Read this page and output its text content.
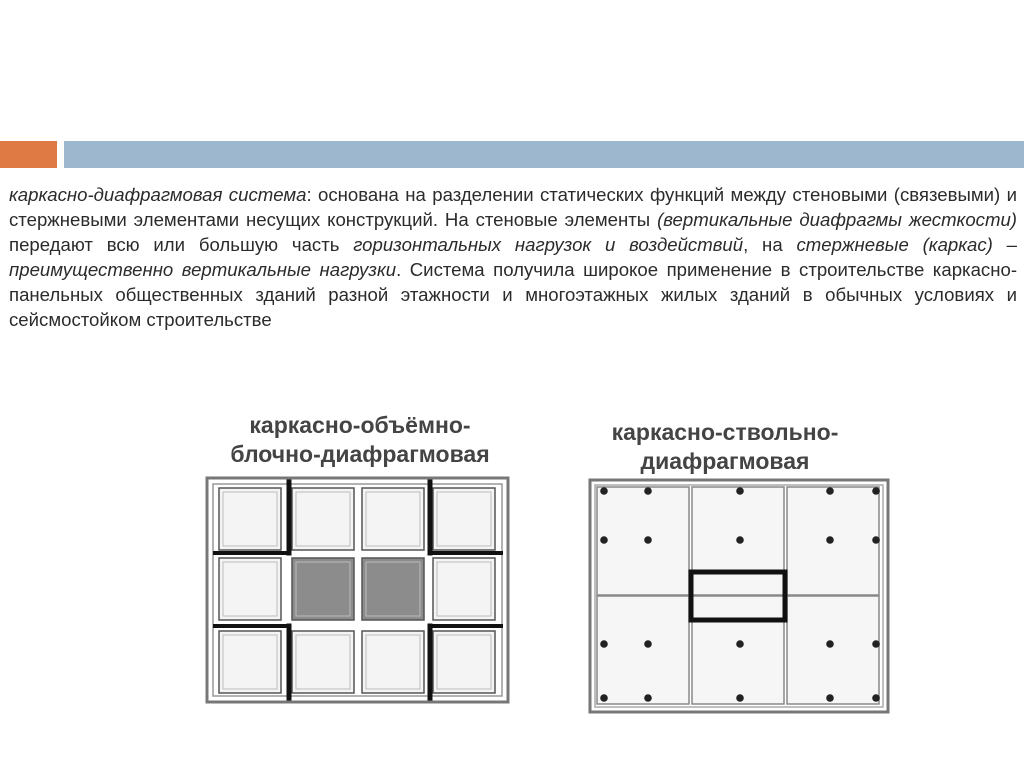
каркасно-диафрагмовая система: основана на разделении статических функций между стеновыми (связевыми) и стержневыми элементами несущих конструкций. На стеновые элементы (вертикальные диафрагмы жесткости) передают всю или большую часть горизонтальных нагрузок и воздействий, на стержневые (каркас) – преимущественно вертикальные нагрузки. Система получила широкое применение в строительстве каркасно-панельных общественных зданий разной этажности и многоэтажных жилых зданий в обычных условиях и сейсмостойком строительстве

каркасно-объёмно-
блочно-диафрагмовая
каркасно-ствольно-
диафрагмовая
